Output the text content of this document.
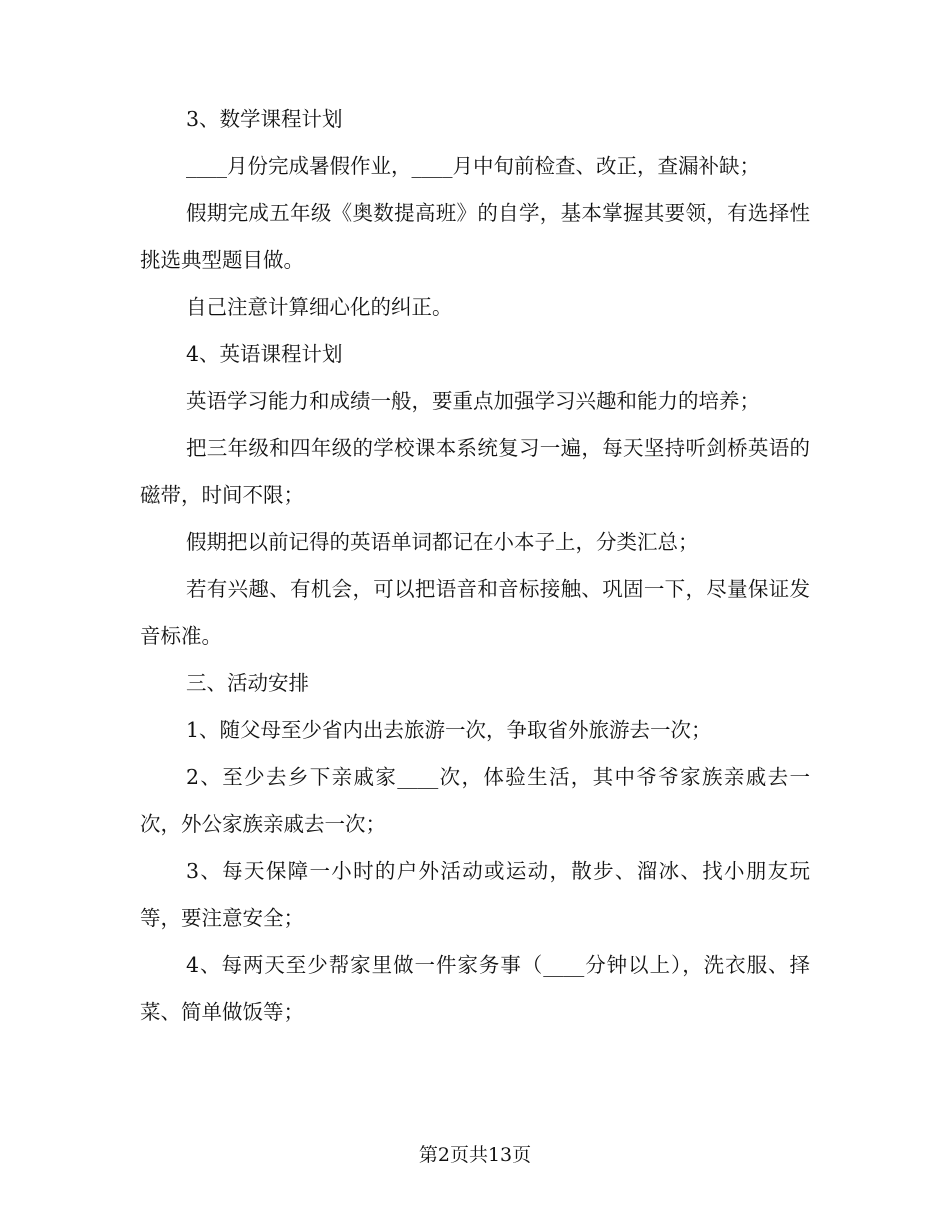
3、数学课程计划

____月份完成暑假作业，____月中旬前检查、改正，查漏补缺；

假期完成五年级《奥数提高班》的自学，基本掌握其要领，有选择性挑选典型题目做。

自己注意计算细心化的纠正。

4、英语课程计划

英语学习能力和成绩一般，要重点加强学习兴趣和能力的培养；

把三年级和四年级的学校课本系统复习一遍，每天坚持听剑桥英语的磁带，时间不限；

假期把以前记得的英语单词都记在小本子上，分类汇总；

若有兴趣、有机会，可以把语音和音标接触、巩固一下，尽量保证发音标准。

三、活动安排

1、随父母至少省内出去旅游一次，争取省外旅游去一次；

2、至少去乡下亲戚家____次，体验生活，其中爷爷家族亲戚去一次，外公家族亲戚去一次；

3、每天保障一小时的户外活动或运动，散步、溜冰、找小朋友玩等，要注意安全；

4、每两天至少帮家里做一件家务事（____分钟以上），洗衣服、择菜、简单做饭等；

第2页共13页
